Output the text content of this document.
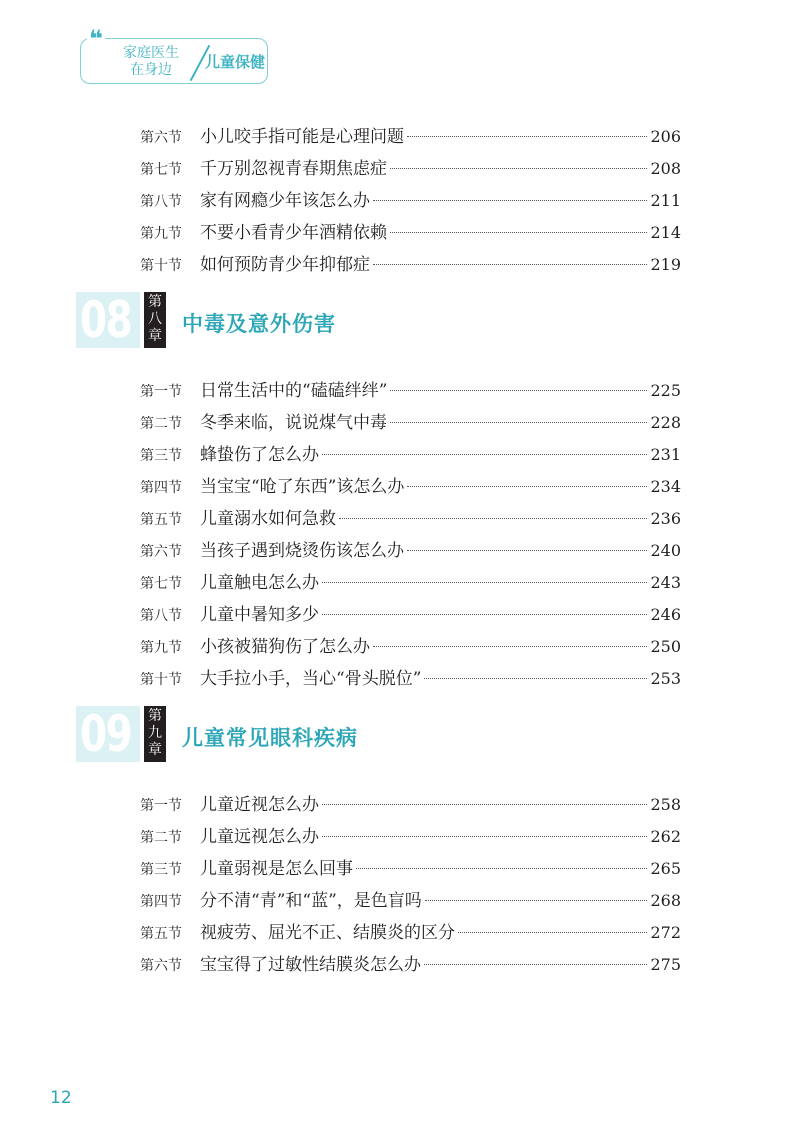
❝	家庭医生
在身边	儿童保健
第六节	小儿咬手指可能是心理问题	206
第七节	千万别忽视青春期焦虑症	208
第八节	家有网瘾少年该怎么办	211
第九节	不要小看青少年酒精依赖	214
第十节	如何预防青少年抑郁症	219
08 第
八
章 中毒及意外伤害
第一节	日常生活中的“磕磕绊绊”	225
第二节	冬季来临，说说煤气中毒	228
第三节	蜂蛰伤了怎么办	231
第四节	当宝宝“呛了东西”该怎么办	234
第五节	儿童溺水如何急救	236
第六节	当孩子遇到烧烫伤该怎么办	240
第七节	儿童触电怎么办	243
第八节	儿童中暑知多少	246
第九节	小孩被猫狗伤了怎么办	250
第十节	大手拉小手，当心“骨头脱位”	253
09 第
九
章 儿童常见眼科疾病
第一节	儿童近视怎么办	258
第二节	儿童远视怎么办	262
第三节	儿童弱视是怎么回事	265
第四节	分不清“青”和“蓝”，是色盲吗	268
第五节	视疲劳、屈光不正、结膜炎的区分	272
第六节	宝宝得了过敏性结膜炎怎么办	275
12
